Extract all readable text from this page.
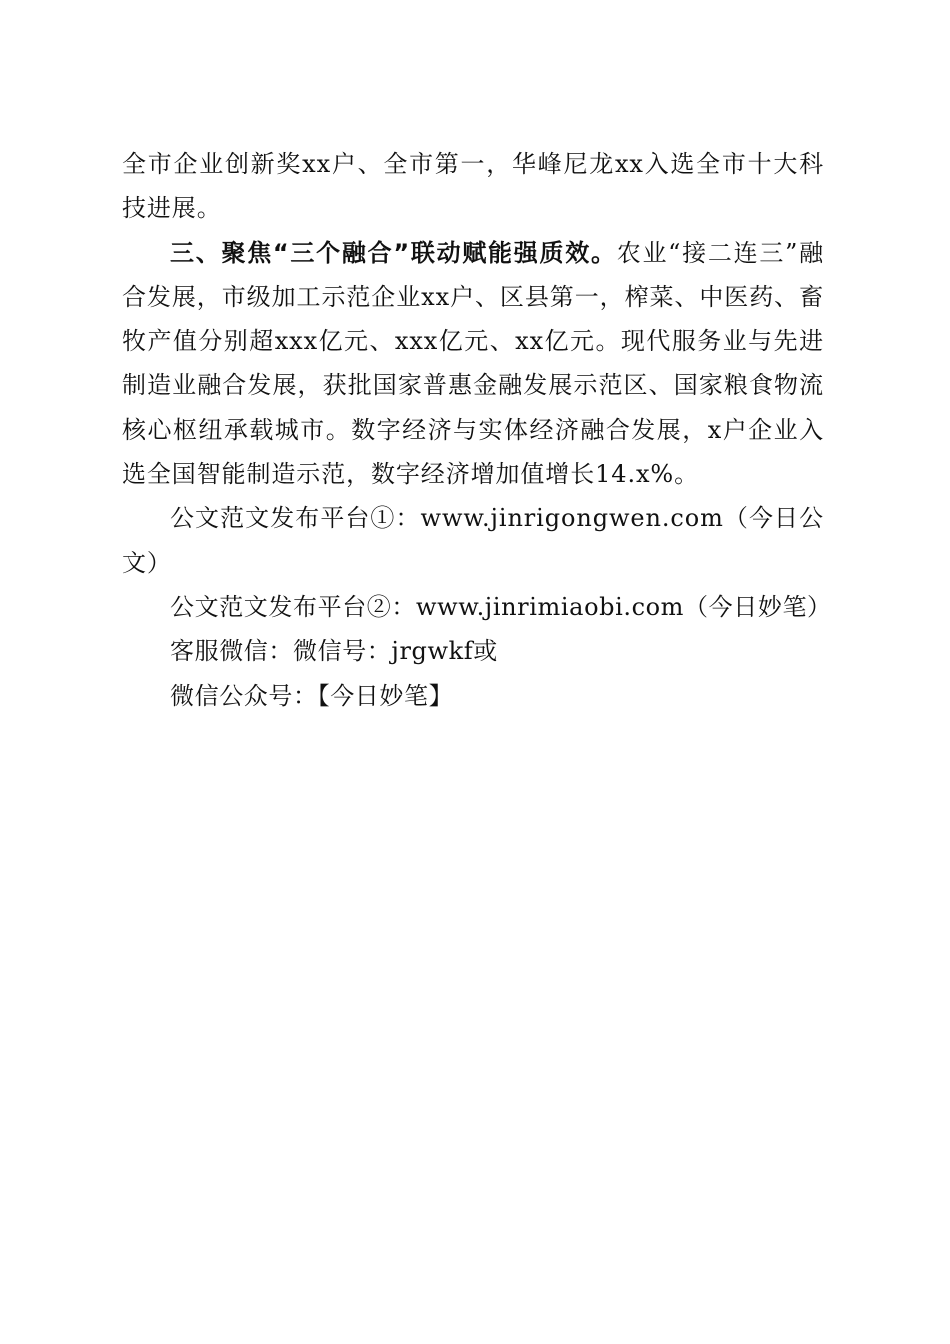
全市企业创新奖xx户、全市第一，华峰尼龙xx入选全市十大科技进展。

三、聚焦“三个融合”联动赋能强质效。农业“接二连三”融合发展，市级加工示范企业xx户、区县第一，榨菜、中医药、畜牧产值分别超xxx亿元、xxx亿元、xx亿元。现代服务业与先进制造业融合发展，获批国家普惠金融发展示范区、国家粮食物流核心枢纽承载城市。数字经济与实体经济融合发展，x户企业入选全国智能制造示范，数字经济增加值增长14.x%。

公文范文发布平台①：www.jinrigongwen.com（今日公文）

公文范文发布平台②：www.jinrimiaobi.com（今日妙笔）

客服微信：微信号：jrgwkf或

微信公众号：【今日妙笔】
